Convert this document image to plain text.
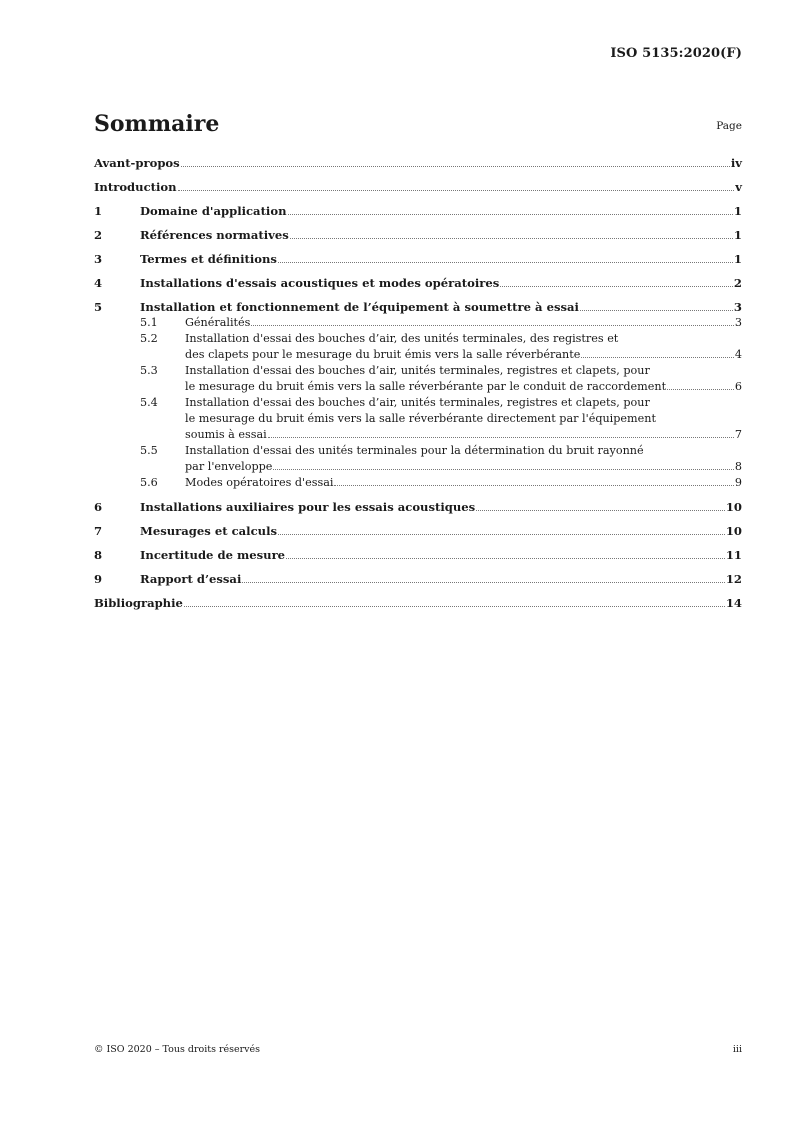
ISO 5135:2020(F)
Sommaire	Page
Avant-propos	iv
Introduction	v
1	Domaine d'application	1
2	Références normatives	1
3	Termes et définitions	1
4	Installations d'essais acoustiques et modes opératoires	2
5	Installation et fonctionnement de l’équipement à soumettre à essai	3
5.1	Généralités	3
5.2	Installation d'essai des bouches d’air, des unités terminales, des registres et
des clapets pour le mesurage du bruit émis vers la salle réverbérante	4
5.3	Installation d'essai des bouches d’air, unités terminales, registres et clapets, pour
le mesurage du bruit émis vers la salle réverbérante par le conduit de raccordement	6
5.4	Installation d'essai des bouches d’air, unités terminales, registres et clapets, pour
le mesurage du bruit émis vers la salle réverbérante directement par l'équipement
soumis à essai	7
5.5	Installation d'essai des unités terminales pour la détermination du bruit rayonné
par l'enveloppe	8
5.6	Modes opératoires d'essai	9
6	Installations auxiliaires pour les essais acoustiques	10
7	Mesurages et calculs	10
8	Incertitude de mesure	11
9	Rapport d’essai	12
Bibliographie	14
© ISO 2020 – Tous droits réservés	iii
